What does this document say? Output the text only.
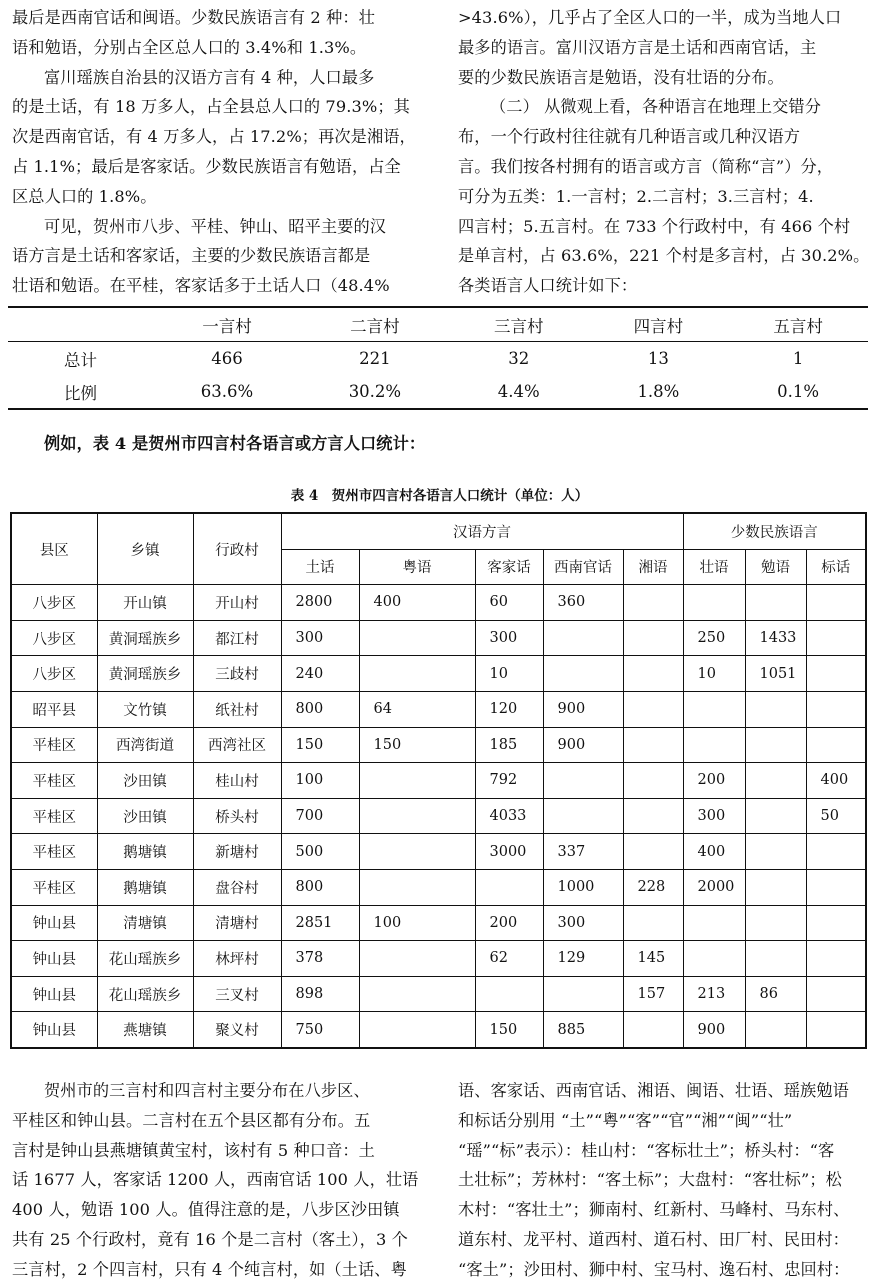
最后是西南官话和闽语。少数民族语言有 2 种：壮
语和勉语，分别占全区总人口的 3.4%和 1.3%。
富川瑶族自治县的汉语方言有 4 种，人口最多
的是土话，有 18 万多人，占全县总人口的 79.3%；其
次是西南官话，有 4 万多人，占 17.2%；再次是湘语，
占 1.1%；最后是客家话。少数民族语言有勉语，占全
区总人口的 1.8%。
可见，贺州市八步、平桂、钟山、昭平主要的汉
语方言是土话和客家话，主要的少数民族语言都是
壮语和勉语。在平桂，客家话多于土话人口（48.4%
>43.6%），几乎占了全区人口的一半，成为当地人口
最多的语言。富川汉语方言是土话和西南官话，主
要的少数民族语言是勉语，没有壮语的分布。
（二） 从微观上看，各种语言在地理上交错分
布，一个行政村往往就有几种语言或几种汉语方
言。我们按各村拥有的语言或方言（简称“言”）分，
可分为五类：1.一言村；2.二言村；3.三言村；4.
四言村；5.五言村。在 733 个行政村中，有 466 个村
是单言村，占 63.6%，221 个村是多言村，占 30.2%。
各类语言人口统计如下：
	一言村	二言村	三言村	四言村	五言村
总计	466	221	32	13	1
比例	63.6%	30.2%	4.4%	1.8%	0.1%
例如，表 4 是贺州市四言村各语言或方言人口统计：
表 4　贺州市四言村各语言人口统计（单位：人）
县区	乡镇	行政村	汉语方言					少数民族语言		
			土话	粤语	客家话	西南官话	湘语	壮语	勉语	标话
八步区	开山镇	开山村	2800	400	60	360				
八步区	黄洞瑶族乡	都江村	300		300			250	1433	
八步区	黄洞瑶族乡	三歧村	240		10			10	1051	
昭平县	文竹镇	纸社村	800	64	120	900				
平桂区	西湾街道	西湾社区	150	150	185	900				
平桂区	沙田镇	桂山村	100		792			200		400
平桂区	沙田镇	桥头村	700		4033			300		50
平桂区	鹅塘镇	新塘村	500		3000	337		400		
平桂区	鹅塘镇	盘谷村	800			1000	228	2000		
钟山县	清塘镇	清塘村	2851	100	200	300				
钟山县	花山瑶族乡	林坪村	378		62	129	145			
钟山县	花山瑶族乡	三叉村	898				157	213	86	
钟山县	燕塘镇	聚义村	750		150	885		900		
贺州市的三言村和四言村主要分布在八步区、
平桂区和钟山县。二言村在五个县区都有分布。五
言村是钟山县燕塘镇黄宝村，该村有 5 种口音：土
话 1677 人，客家话 1200 人，西南官话 100 人，壮语
400 人，勉语 100 人。值得注意的是，八步区沙田镇
共有 25 个行政村，竟有 16 个是二言村（客土），3 个
三言村，2 个四言村，只有 4 个纯言村，如（土话、粤
语、客家话、西南官话、湘语、闽语、壮语、瑶族勉语
和标话分别用 “土”“粤”“客”“官”“湘”“闽”“壮”
“瑶”“标”表示）：桂山村：“客标壮土”；桥头村：“客
土壮标”；芳林村：“客土标”；大盘村：“客壮标”；松
木村：“客壮土”；狮南村、红新村、马峰村、马东村、
道东村、龙平村、道西村、道石村、田厂村、民田村：
“客土”；沙田村、狮中村、宝马村、逸石村、忠回村：
